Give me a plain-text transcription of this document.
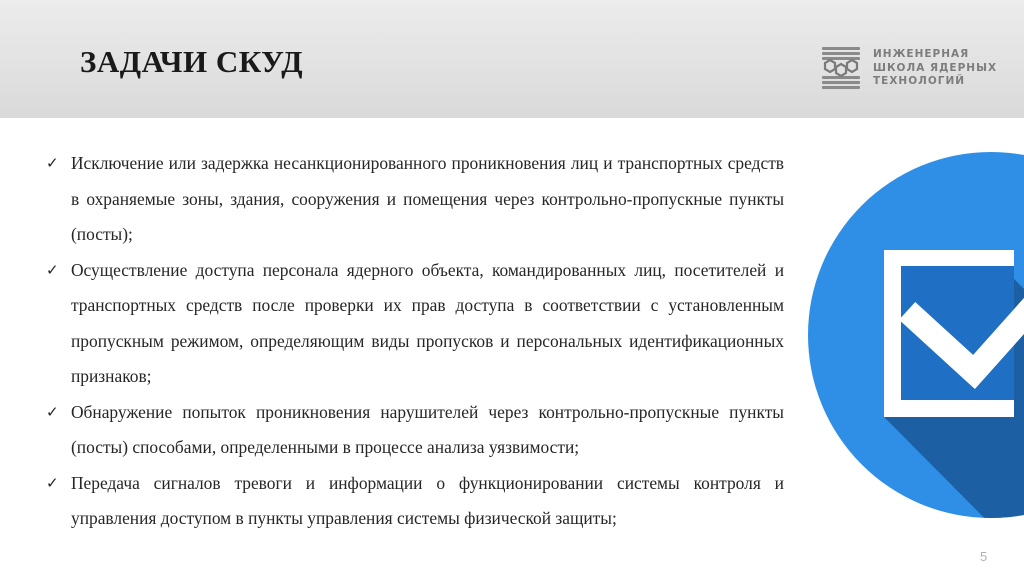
ЗАДАЧИ СКУД	ИНЖЕНЕРНАЯ
ШКОЛА ЯДЕРНЫХ
ТЕХНОЛОГИЙ
✓ Исключение или задержка несанкционированного проникновения лиц и транспортных средств в охраняемые зоны, здания, сооружения и помещения через контрольно-пропускные пункты (посты);
✓ Осуществление доступа персонала ядерного объекта, командированных лиц, посетителей и транспортных средств после проверки их прав доступа в соответствии с установленным пропускным режимом, определяющим виды пропусков и персональных идентификационных признаков;
✓ Обнаружение попыток проникновения нарушителей через контрольно-пропускные пункты (посты) способами, определенными в процессе анализа уязвимости;
✓ Передача сигналов тревоги и информации о функционировании системы контроля и управления доступом в пункты управления системы физической защиты;
5
